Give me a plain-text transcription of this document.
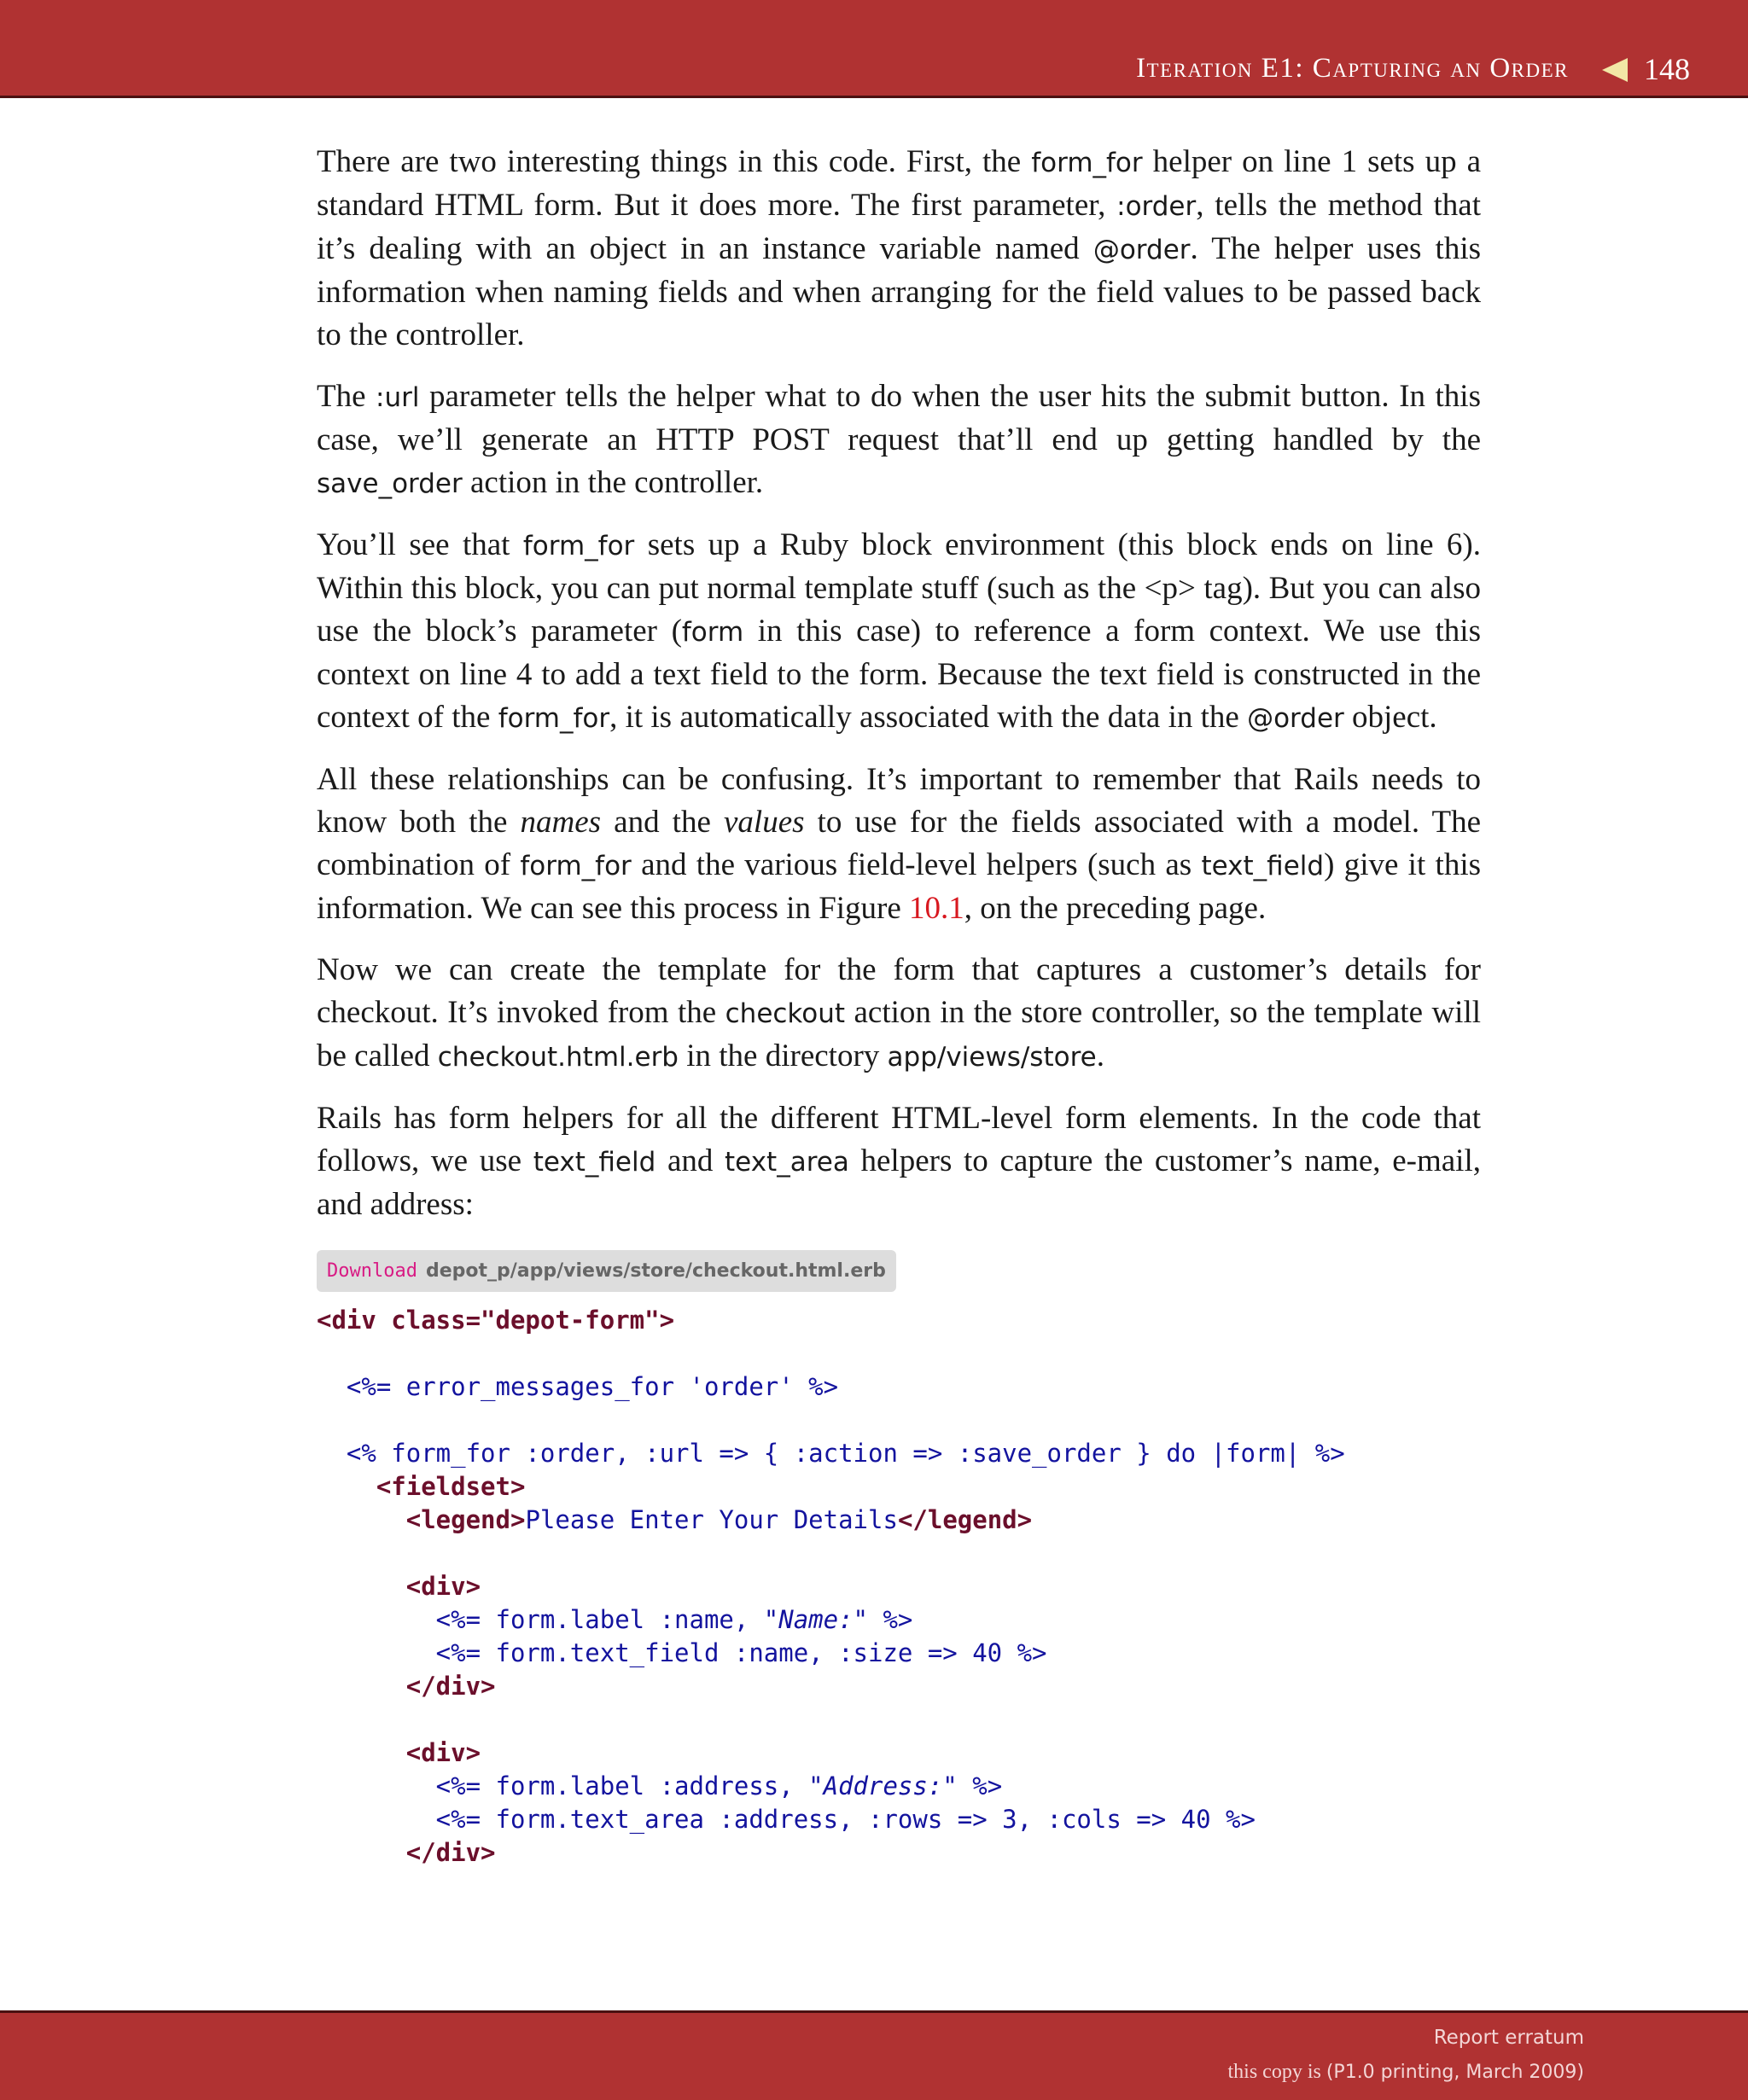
Iteration E1: Capturing an Order 148

There are two interesting things in this code. First, the form_for helper on line 1 sets up a standard HTML form. But it does more. The first parameter, :order, tells the method that it’s dealing with an object in an instance variable named @order. The helper uses this information when naming fields and when arranging for the field values to be passed back to the controller.

The :url parameter tells the helper what to do when the user hits the submit button. In this case, we’ll generate an HTTP POST request that’ll end up getting handled by the save_order action in the controller.

You’ll see that form_for sets up a Ruby block environment (this block ends on line 6). Within this block, you can put normal template stuff (such as the <p> tag). But you can also use the block’s parameter (form in this case) to reference a form context. We use this context on line 4 to add a text field to the form. Because the text field is constructed in the context of the form_for, it is automatically associated with the data in the @order object.

All these relationships can be confusing. It’s important to remember that Rails needs to know both the names and the values to use for the fields associated with a model. The combination of form_for and the various field-level helpers (such as text_field) give it this information. We can see this process in Figure 10.1, on the preceding page.

Now we can create the template for the form that captures a customer’s details for checkout. It’s invoked from the checkout action in the store controller, so the template will be called checkout.html.erb in the directory app/views/store.

Rails has form helpers for all the different HTML-level form elements. In the code that follows, we use text_field and text_area helpers to capture the customer’s name, e-mail, and address:

Download depot_p/app/views/store/checkout.html.erb
<div class="depot-form">

<%= error_messages_for 'order' %>

<% form_for :order, :url => { :action => :save_order } do |form| %>
<fieldset>
<legend>Please Enter Your Details</legend>

<div>
<%= form.label :name, "Name:" %>
<%= form.text_field :name, :size => 40 %>
</div>

<div>
<%= form.label :address, "Address:" %>
<%= form.text_area :address, :rows => 3, :cols => 40 %>
</div>
Report erratum
this copy is (P1.0 printing, March 2009)
